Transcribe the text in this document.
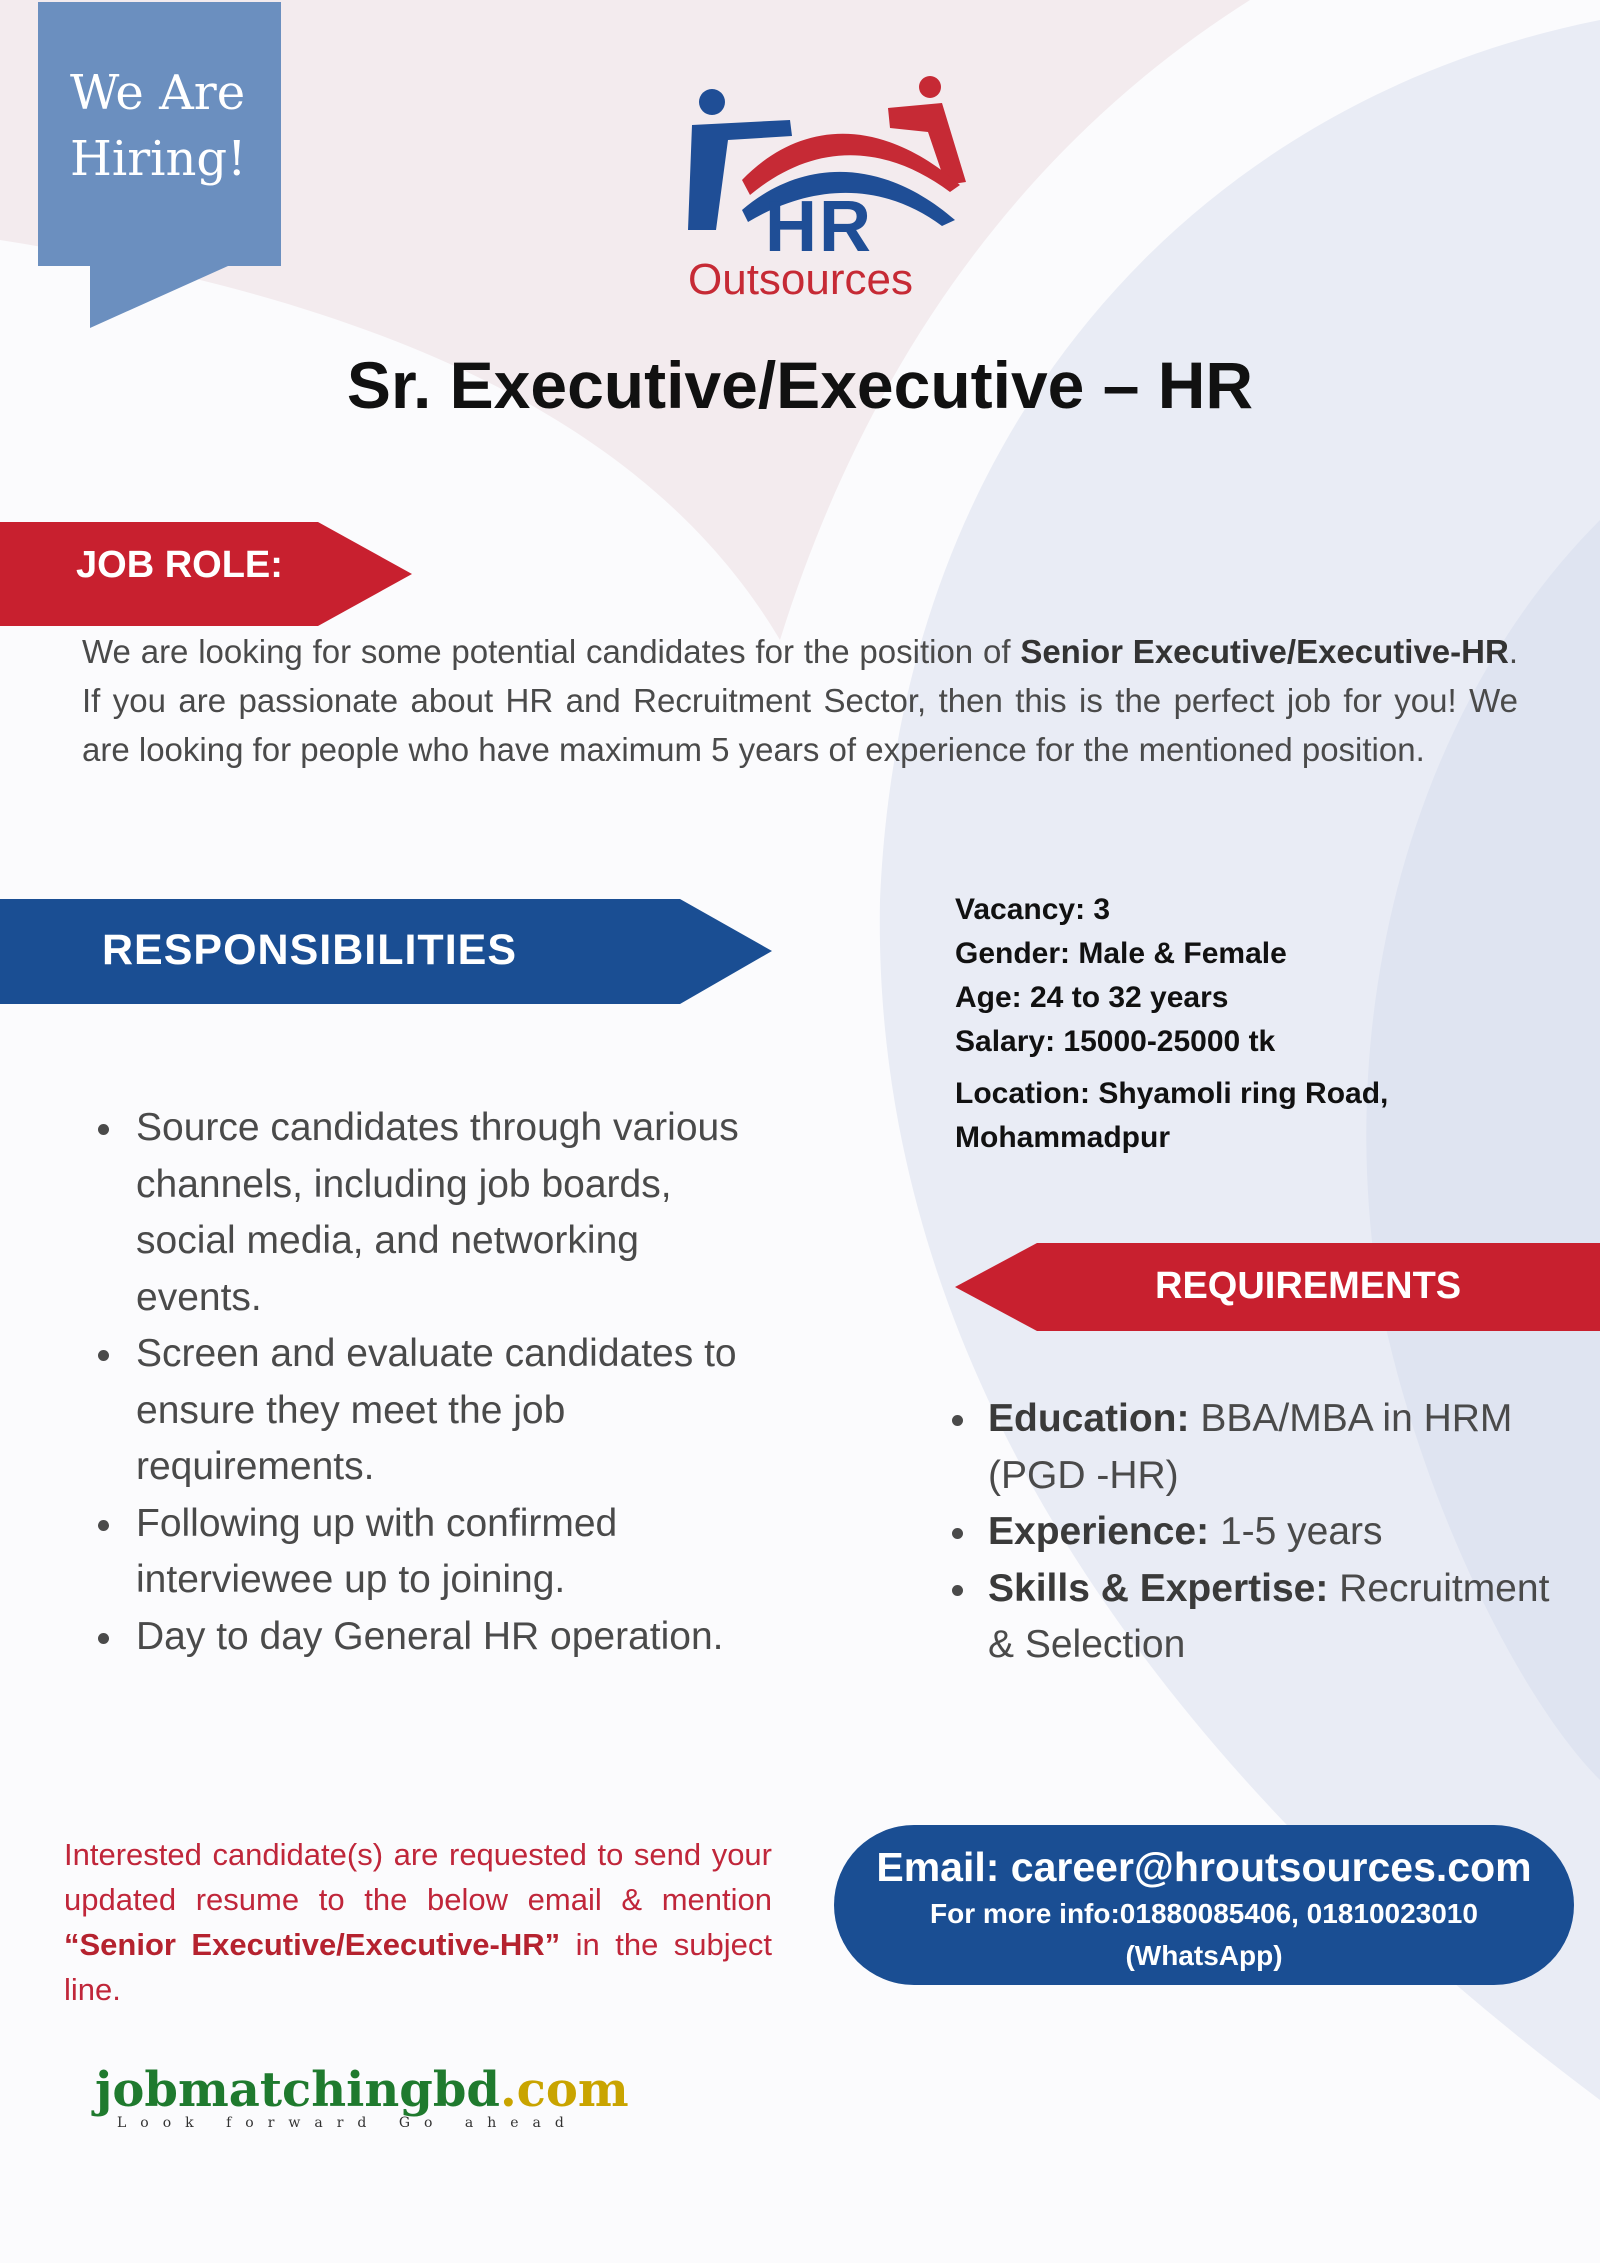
We Are
Hiring!
HR
Outsources
Sr. Executive/Executive – HR
JOB ROLE:
We are looking for some potential candidates for the position of Senior Executive/Executive-HR. If you are passionate about HR and Recruitment Sector, then this is the perfect job for you! We are looking for people who have maximum 5 years of experience for the mentioned position.
RESPONSIBILITIES
Source candidates through various channels, including job boards, social media, and networking events.
Screen and evaluate candidates to ensure they meet the job requirements.
Following up with confirmed interviewee up to joining.
Day to day General HR operation.
Vacancy: 3
Gender: Male & Female
Age: 24 to 32 years
Salary: 15000-25000 tk
Location: Shyamoli ring Road,
Mohammadpur
REQUIREMENTS
Education: BBA/MBA in HRM (PGD -HR)
Experience: 1-5 years
Skills & Expertise: Recruitment & Selection
Interested candidate(s) are requested to send your updated resume to the below email & mention “Senior Executive/Executive-HR” in the subject line.
Email: career@hroutsources.com
For more info:01880085406, 01810023010
(WhatsApp)
jobmatchingbd.com
Look forward Go ahead
